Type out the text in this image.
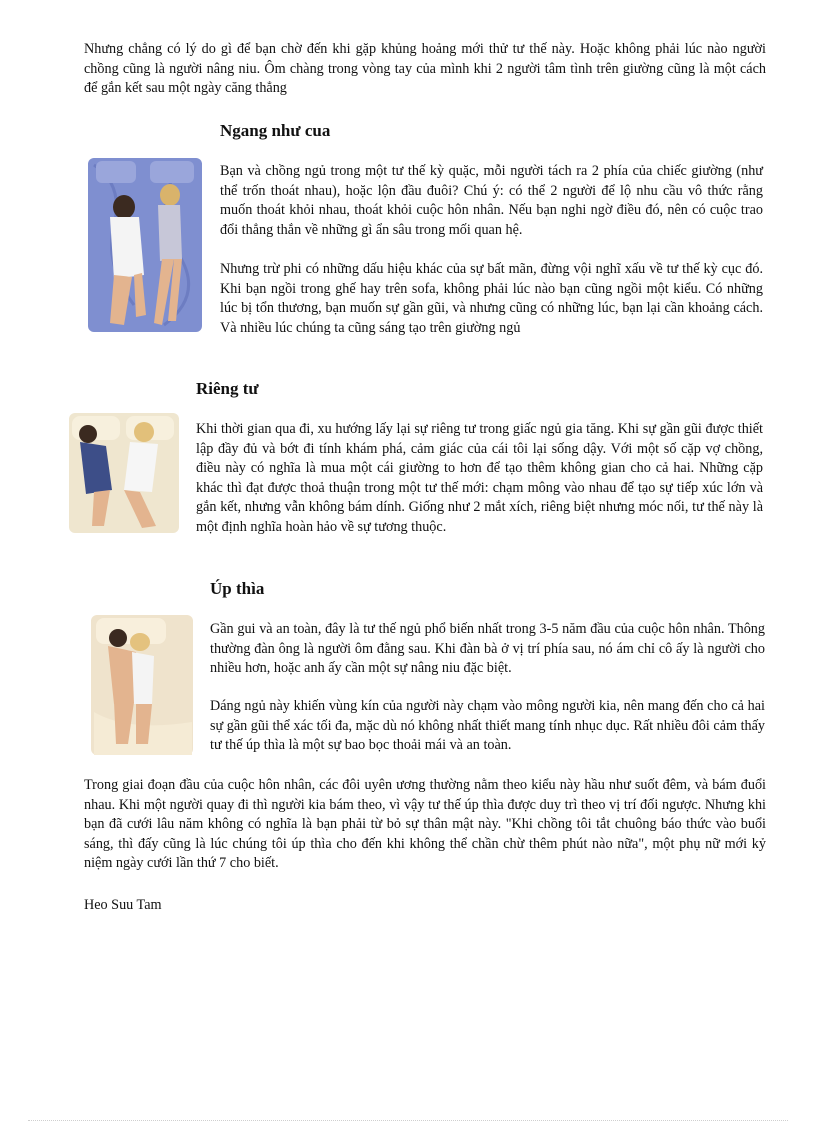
Nhưng chẳng có lý do gì để bạn chờ đến khi gặp khủng hoảng mới thử tư thế này. Hoặc không phải lúc nào người chồng cũng là người nâng niu. Ôm chàng trong vòng tay của mình khi 2 người tâm tình trên giường cũng là một cách để gắn kết sau một ngày căng thẳng

Ngang như cua

Bạn và chồng ngủ trong một tư thế kỳ quặc, mỗi người tách ra 2 phía của chiếc giường (như thể trốn thoát nhau), hoặc lộn đầu đuôi? Chú ý: có thể 2 người để lộ nhu cầu vô thức rằng muốn thoát khỏi nhau, thoát khỏi cuộc hôn nhân. Nếu bạn nghi ngờ điều đó, nên có cuộc trao đổi thẳng thắn về những gì ẩn sâu trong mối quan hệ.

Nhưng trừ phi có những dấu hiệu khác của sự bất mãn, đừng vội nghĩ xấu về tư thế kỳ cục đó. Khi bạn ngồi trong ghế hay trên sofa, không phải lúc nào bạn cũng ngồi một kiểu. Có những lúc bị tổn thương, bạn muốn sự gần gũi, và nhưng cũng có những lúc, bạn lại cần khoảng cách. Và nhiều lúc chúng ta cũng sáng tạo trên giường ngủ

Riêng tư

Khi thời gian qua đi, xu hướng lấy lại sự riêng tư trong giấc ngủ gia tăng. Khi sự gần gũi được thiết lập đầy đủ và bớt đi tính khám phá, cảm giác của cái tôi lại sống dậy. Với một số cặp vợ chồng, điều này có nghĩa là mua một cái giường to hơn để tạo thêm không gian cho cả hai. Những cặp khác thì đạt được thoả thuận trong một tư thế mới: chạm mông vào nhau để tạo sự tiếp xúc lớn và gắn kết, nhưng vẫn không bám dính. Giống như 2 mắt xích, riêng biệt nhưng móc nối, tư thế này là một định nghĩa hoàn hảo về sự tương thuộc.

Úp thìa

Gần gui và an toàn, đây là tư thế ngủ phổ biến nhất trong 3-5 năm đầu của cuộc hôn nhân. Thông thường đàn ông là người ôm đằng sau. Khi đàn bà ở vị trí phía sau, nó ám chỉ cô ấy là người cho nhiều hơn, hoặc anh ấy cần một sự nâng niu đặc biệt.

Dáng ngủ này khiến vùng kín của người này chạm vào mông người kia, nên mang đến cho cả hai sự gần gũi thể xác tối đa, mặc dù nó không nhất thiết mang tính nhục dục. Rất nhiều đôi cảm thấy tư thế úp thìa là một sự bao bọc thoải mái và an toàn.

Trong giai đoạn đầu của cuộc hôn nhân, các đôi uyên ương thường nằm theo kiểu này hầu như suốt đêm, và bám đuổi nhau. Khi một người quay đi thì người kia bám theo, vì vậy tư thế úp thìa được duy trì theo vị trí đối ngược. Nhưng khi bạn đã cưới lâu năm không có nghĩa là bạn phải từ bỏ sự thân mật này. "Khi chồng tôi tắt chuông báo thức vào buổi sáng, thì đấy cũng là lúc chúng tôi úp thìa cho đến khi không thể chần chừ thêm phút nào nữa", một phụ nữ mới kỷ niệm ngày cưới lần thứ 7 cho biết.

Heo Suu Tam
